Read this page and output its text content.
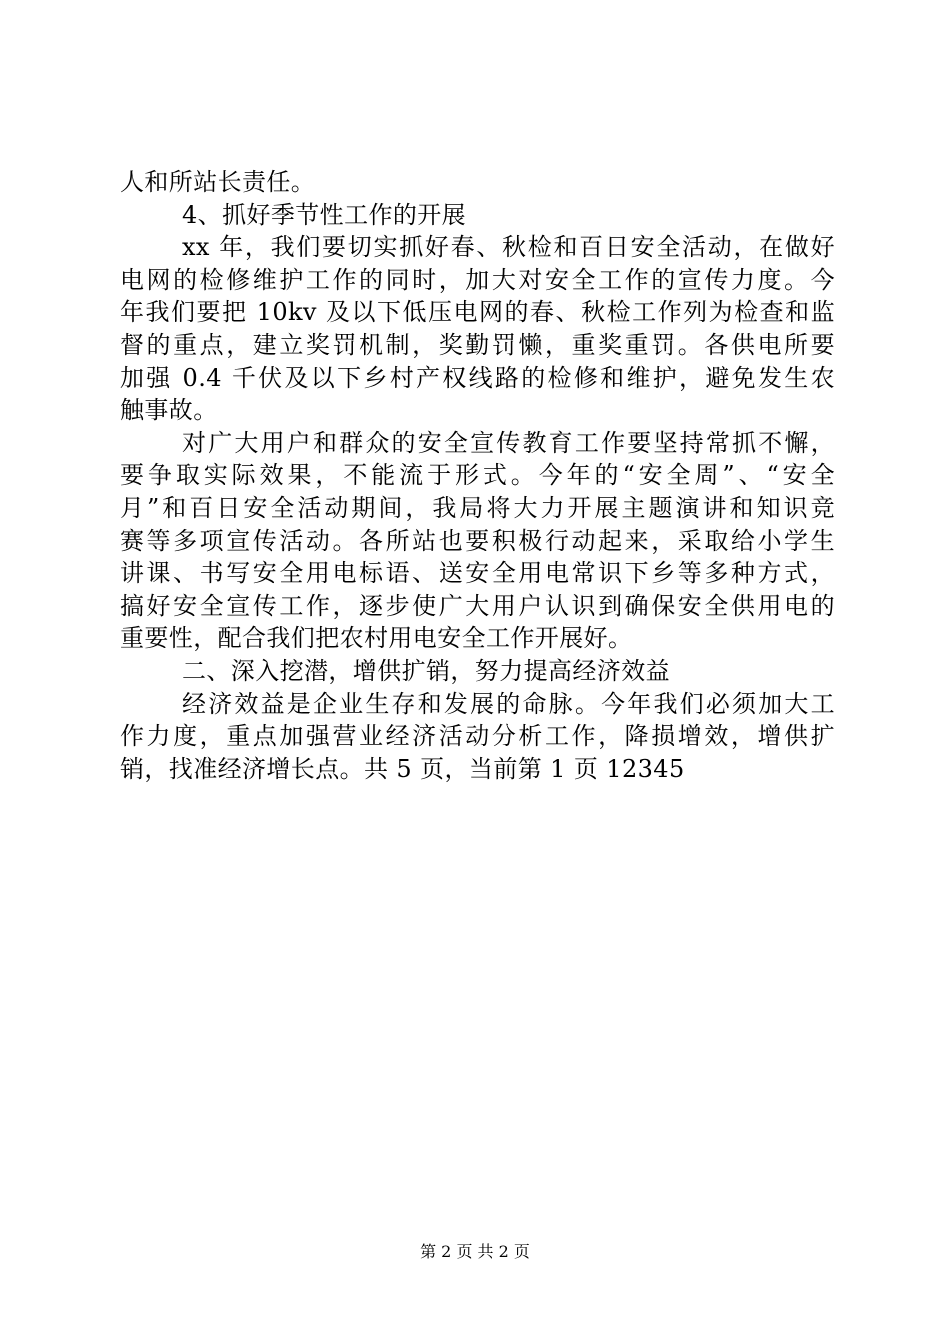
人和所站长责任。
4、抓好季节性工作的开展
xx 年，我们要切实抓好春、秋检和百日安全活动，在做好
电网的检修维护工作的同时，加大对安全工作的宣传力度。今
年我们要把 10kv 及以下低压电网的春、秋检工作列为检查和监
督的重点，建立奖罚机制，奖勤罚懒，重奖重罚。各供电所要
加强 0.4 千伏及以下乡村产权线路的检修和维护，避免发生农
触事故。
对广大用户和群众的安全宣传教育工作要坚持常抓不懈，
要争取实际效果，不能流于形式。今年的“安全周”、“安全
月”和百日安全活动期间，我局将大力开展主题演讲和知识竞
赛等多项宣传活动。各所站也要积极行动起来，采取给小学生
讲课、书写安全用电标语、送安全用电常识下乡等多种方式，
搞好安全宣传工作，逐步使广大用户认识到确保安全供用电的
重要性，配合我们把农村用电安全工作开展好。
二、深入挖潜，增供扩销，努力提高经济效益
经济效益是企业生存和发展的命脉。今年我们必须加大工
作力度，重点加强营业经济活动分析工作，降损增效，增供扩
销，找准经济增长点。共 5 页，当前第 1 页 12345
第 2 页 共 2 页
